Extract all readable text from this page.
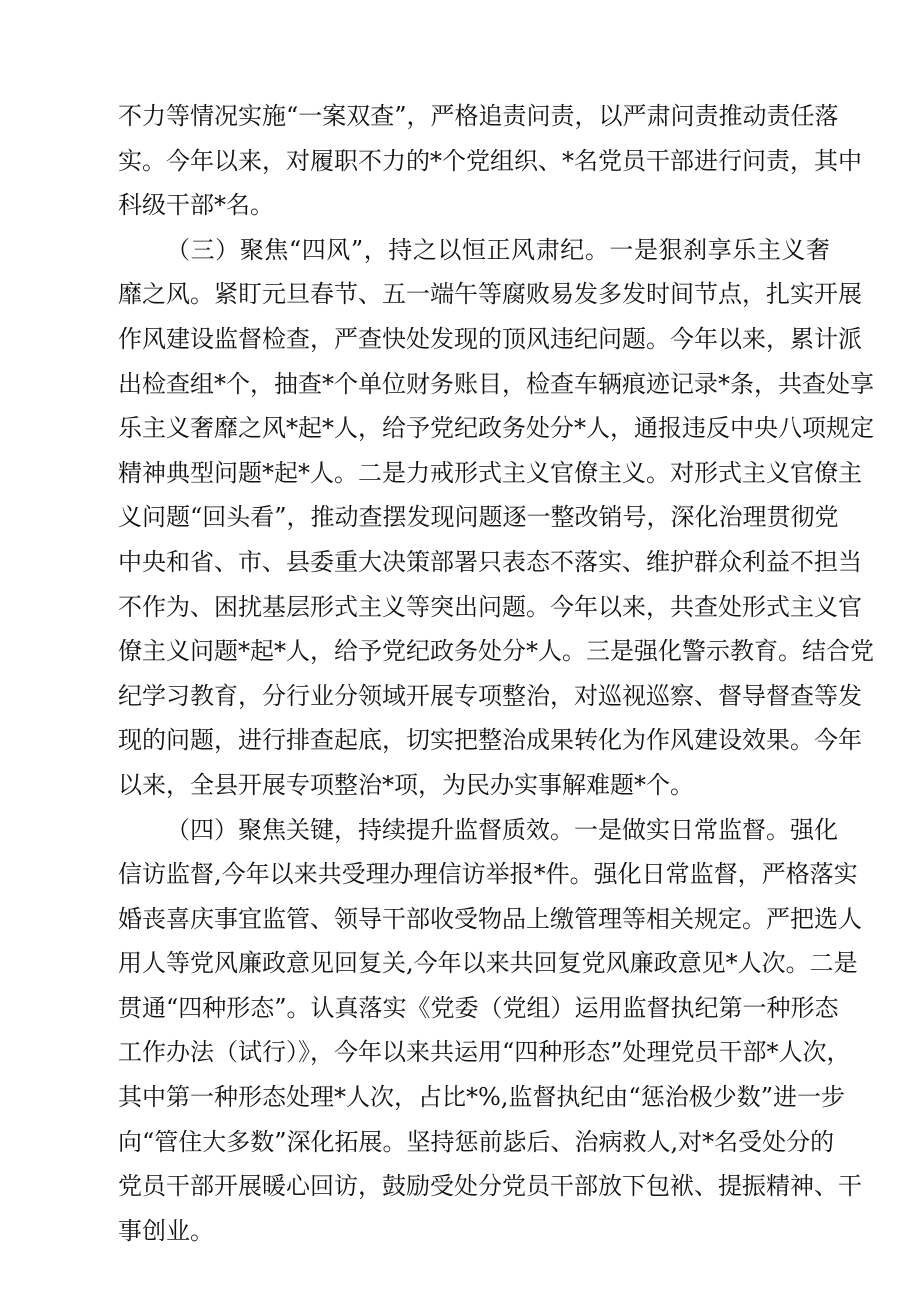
不力等情况实施“一案双查”，严格追责问责，以严肃问责推动责任落
实。今年以来，对履职不力的*个党组织、*名党员干部进行问责，其中
科级干部*名。
（三）聚焦“四风”，持之以恒正风肃纪。一是狠刹享乐主义奢
靡之风。紧盯元旦春节、五一端午等腐败易发多发时间节点，扎实开展
作风建设监督检查，严查快处发现的顶风违纪问题。今年以来，累计派
出检查组*个，抽查*个单位财务账目，检查车辆痕迹记录*条，共查处享
乐主义奢靡之风*起*人，给予党纪政务处分*人，通报违反中央八项规定
精神典型问题*起*人。二是力戒形式主义官僚主义。对形式主义官僚主
义问题“回头看”，推动查摆发现问题逐一整改销号，深化治理贯彻党
中央和省、市、县委重大决策部署只表态不落实、维护群众利益不担当
不作为、困扰基层形式主义等突出问题。今年以来，共查处形式主义官
僚主义问题*起*人，给予党纪政务处分*人。三是强化警示教育。结合党
纪学习教育，分行业分领域开展专项整治，对巡视巡察、督导督查等发
现的问题，进行排查起底，切实把整治成果转化为作风建设效果。今年
以来，全县开展专项整治*项，为民办实事解难题*个。
（四）聚焦关键，持续提升监督质效。一是做实日常监督。强化
信访监督,今年以来共受理办理信访举报*件。强化日常监督，严格落实
婚丧喜庆事宜监管、领导干部收受物品上缴管理等相关规定。严把选人
用人等党风廉政意见回复关,今年以来共回复党风廉政意见*人次。二是
贯通“四种形态”。认真落实《党委（党组）运用监督执纪第一种形态
工作办法（试行）》，今年以来共运用“四种形态”处理党员干部*人次，
其中第一种形态处理*人次，占比*%,监督执纪由“惩治极少数”进一步
向“管住大多数”深化拓展。坚持惩前毖后、治病救人,对*名受处分的
党员干部开展暖心回访，鼓励受处分党员干部放下包袱、提振精神、干
事创业。
